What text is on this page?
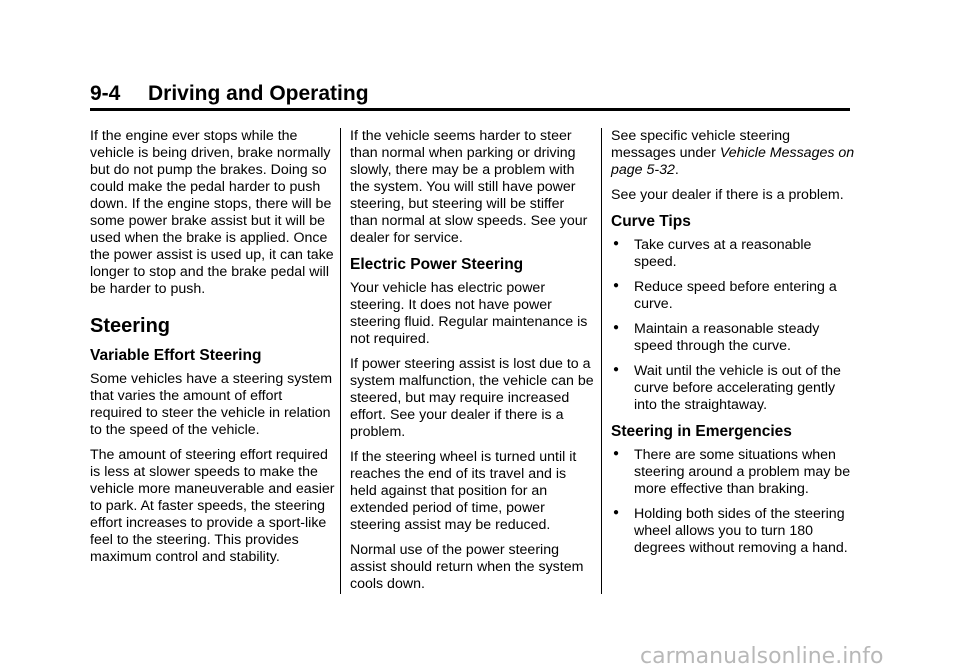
9-4 Driving and Operating

If the engine ever stops while the vehicle is being driven, brake normally but do not pump the brakes. Doing so could make the pedal harder to push down. If the engine stops, there will be some power brake assist but it will be used when the brake is applied. Once the power assist is used up, it can take longer to stop and the brake pedal will be harder to push.

Steering
Variable Effort Steering

Some vehicles have a steering system that varies the amount of effort required to steer the vehicle in relation to the speed of the vehicle.

The amount of steering effort required is less at slower speeds to make the vehicle more maneuverable and easier to park. At faster speeds, the steering effort increases to provide a sport-like feel to the steering. This provides maximum control and stability.

If the vehicle seems harder to steer than normal when parking or driving slowly, there may be a problem with the system. You will still have power steering, but steering will be stiffer than normal at slow speeds. See your dealer for service.

Electric Power Steering

Your vehicle has electric power steering. It does not have power steering fluid. Regular maintenance is not required.

If power steering assist is lost due to a system malfunction, the vehicle can be steered, but may require increased effort. See your dealer if there is a problem.

If the steering wheel is turned until it reaches the end of its travel and is held against that position for an extended period of time, power steering assist may be reduced.

Normal use of the power steering assist should return when the system cools down.

See specific vehicle steering messages under Vehicle Messages on page 5-32.

See your dealer if there is a problem.

Curve Tips
● Take curves at a reasonable speed.
● Reduce speed before entering a curve.
● Maintain a reasonable steady speed through the curve.
● Wait until the vehicle is out of the curve before accelerating gently into the straightaway.
Steering in Emergencies
● There are some situations when steering around a problem may be more effective than braking.
● Holding both sides of the steering wheel allows you to turn 180 degrees without removing a hand.
carmanualsonline.info
